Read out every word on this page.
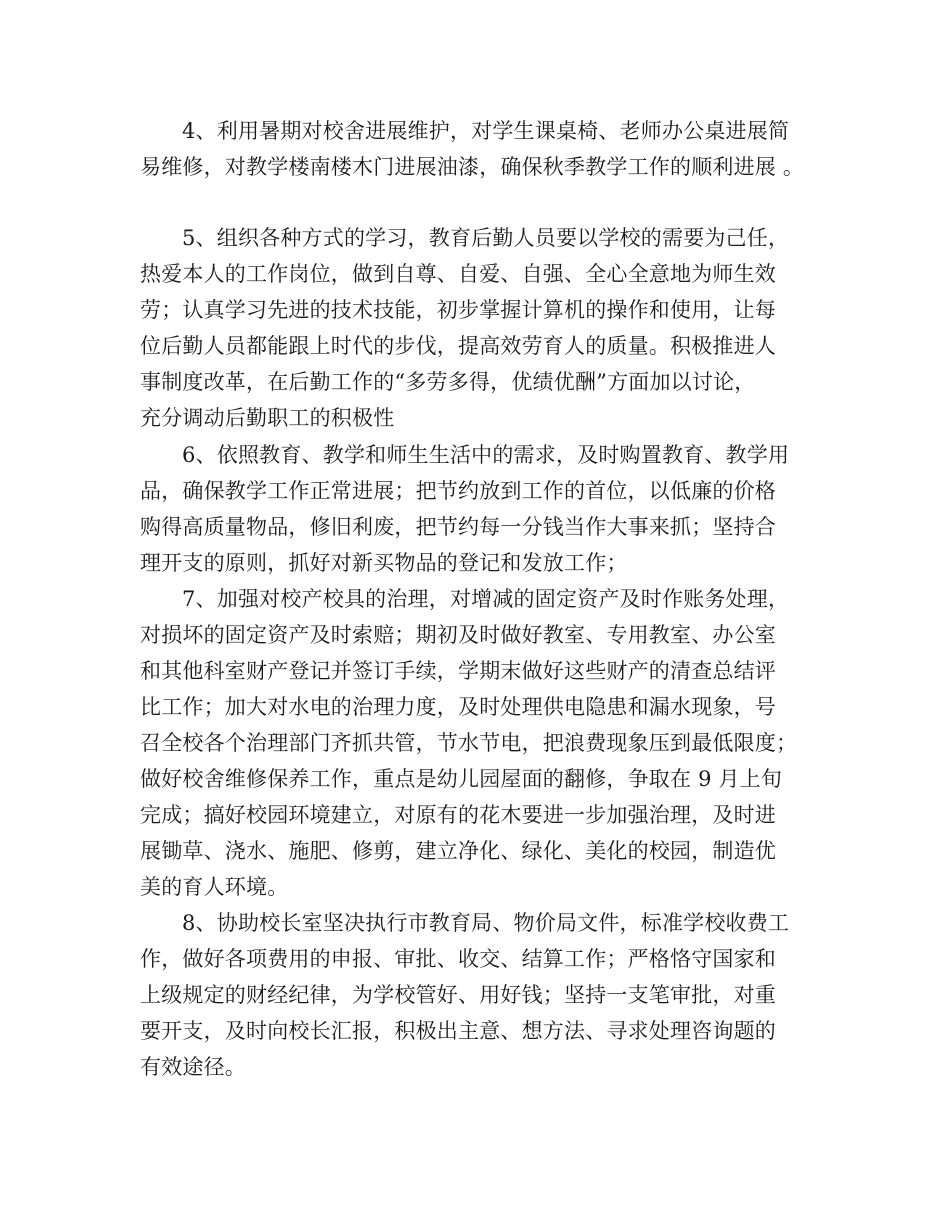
4、利用暑期对校舍进展维护，对学生课桌椅、老师办公桌进展简
易维修，对教学楼南楼木门进展油漆，确保秋季教学工作的顺利进展 。
5、组织各种方式的学习，教育后勤人员要以学校的需要为己任，
热爱本人的工作岗位，做到自尊、自爱、自强、全心全意地为师生效
劳；认真学习先进的技术技能，初步掌握计算机的操作和使用，让每
位后勤人员都能跟上时代的步伐，提高效劳育人的质量。积极推进人
事制度改革，在后勤工作的“多劳多得，优绩优酬”方面加以讨论，
充分调动后勤职工的积极性
6、依照教育、教学和师生生活中的需求，及时购置教育、教学用
品，确保教学工作正常进展；把节约放到工作的首位，以低廉的价格
购得高质量物品，修旧利废，把节约每一分钱当作大事来抓；坚持合
理开支的原则，抓好对新买物品的登记和发放工作；
7、加强对校产校具的治理，对增减的固定资产及时作账务处理，
对损坏的固定资产及时索赔；期初及时做好教室、专用教室、办公室
和其他科室财产登记并签订手续，学期末做好这些财产的清查总结评
比工作；加大对水电的治理力度，及时处理供电隐患和漏水现象，号
召全校各个治理部门齐抓共管，节水节电，把浪费现象压到最低限度；
做好校舍维修保养工作，重点是幼儿园屋面的翻修，争取在 9 月上旬
完成；搞好校园环境建立，对原有的花木要进一步加强治理，及时进
展锄草、浇水、施肥、修剪，建立净化、绿化、美化的校园，制造优
美的育人环境。
8、协助校长室坚决执行市教育局、物价局文件，标准学校收费工
作，做好各项费用的申报、审批、收交、结算工作；严格恪守国家和
上级规定的财经纪律，为学校管好、用好钱；坚持一支笔审批，对重
要开支，及时向校长汇报，积极出主意、想方法、寻求处理咨询题的
有效途径。
